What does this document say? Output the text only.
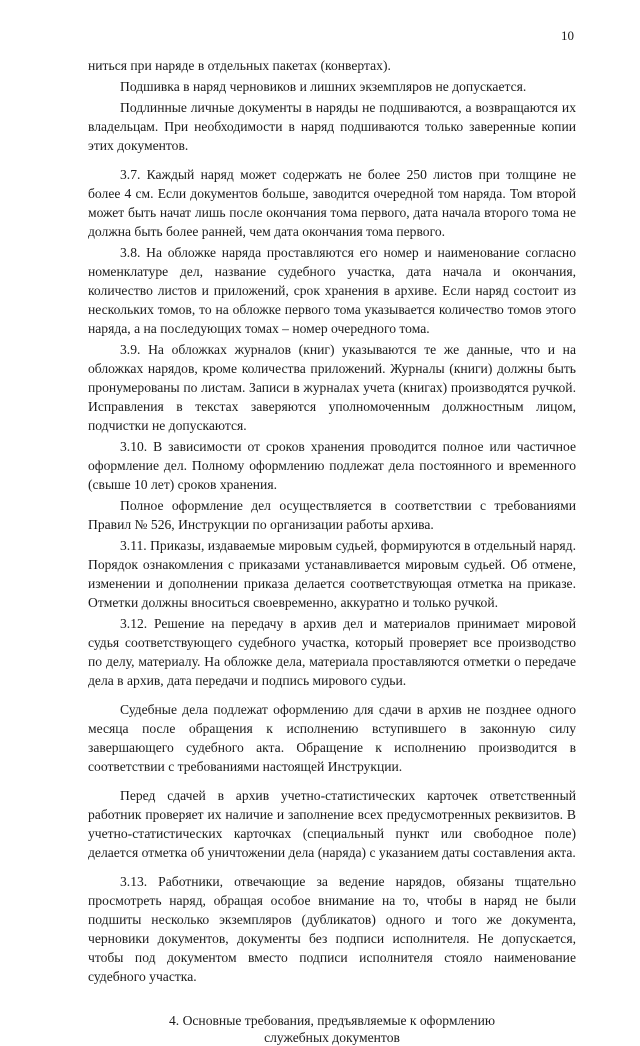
10

ниться при наряде в отдельных пакетах (конвертах).

Подшивка в наряд черновиков и лишних экземпляров не допускается.

Подлинные личные документы в наряды не подшиваются, а возвращаются их владельцам. При необходимости в наряд подшиваются только заверенные копии этих документов.

3.7. Каждый наряд может содержать не более 250 листов при толщине не более 4 см. Если документов больше, заводится очередной том наряда. Том второй может быть начат лишь после окончания тома первого, дата начала второго тома не должна быть более ранней, чем дата окончания тома первого.

3.8. На обложке наряда проставляются его номер и наименование согласно номенклатуре дел, название судебного участка, дата начала и окончания, количество листов и приложений, срок хранения в архиве. Если наряд состоит из нескольких томов, то на обложке первого тома указывается количество томов этого наряда, а на последующих томах – номер очередного тома.

3.9. На обложках журналов (книг) указываются те же данные, что и на обложках нарядов, кроме количества приложений. Журналы (книги) должны быть пронумерованы по листам. Записи в журналах учета (книгах) производятся ручкой. Исправления в текстах заверяются уполномоченным должностным лицом, подчистки не допускаются.

3.10. В зависимости от сроков хранения проводится полное или частичное оформление дел. Полному оформлению подлежат дела постоянного и временного (свыше 10 лет) сроков хранения.

Полное оформление дел осуществляется в соответствии с требованиями Правил № 526, Инструкции по организации работы архива.

3.11. Приказы, издаваемые мировым судьей, формируются в отдельный наряд. Порядок ознакомления с приказами устанавливается мировым судьей. Об отмене, изменении и дополнении приказа делается соответствующая отметка на приказе. Отметки должны вноситься своевременно, аккуратно и только ручкой.

3.12. Решение на передачу в архив дел и материалов принимает мировой судья соответствующего судебного участка, который проверяет все производство по делу, материалу. На обложке дела, материала проставляются отметки о передаче дела в архив, дата передачи и подпись мирового судьи.

Судебные дела подлежат оформлению для сдачи в архив не позднее одного месяца после обращения к исполнению вступившего в законную силу завершающего судебного акта. Обращение к исполнению производится в соответствии с требованиями настоящей Инструкции.

Перед сдачей в архив учетно-статистических карточек ответственный работник проверяет их наличие и заполнение всех предусмотренных реквизитов. В учетно-статистических карточках (специальный пункт или свободное поле) делается отметка об уничтожении дела (наряда) с указанием даты составления акта.

3.13. Работники, отвечающие за ведение нарядов, обязаны тщательно просмотреть наряд, обращая особое внимание на то, чтобы в наряд не были подшиты несколько экземпляров (дубликатов) одного и того же документа, черновики документов, документы без подписи исполнителя. Не допускается, чтобы под документом вместо подписи исполнителя стояло наименование судебного участка.

4. Основные требования, предъявляемые к оформлению
служебных документов
